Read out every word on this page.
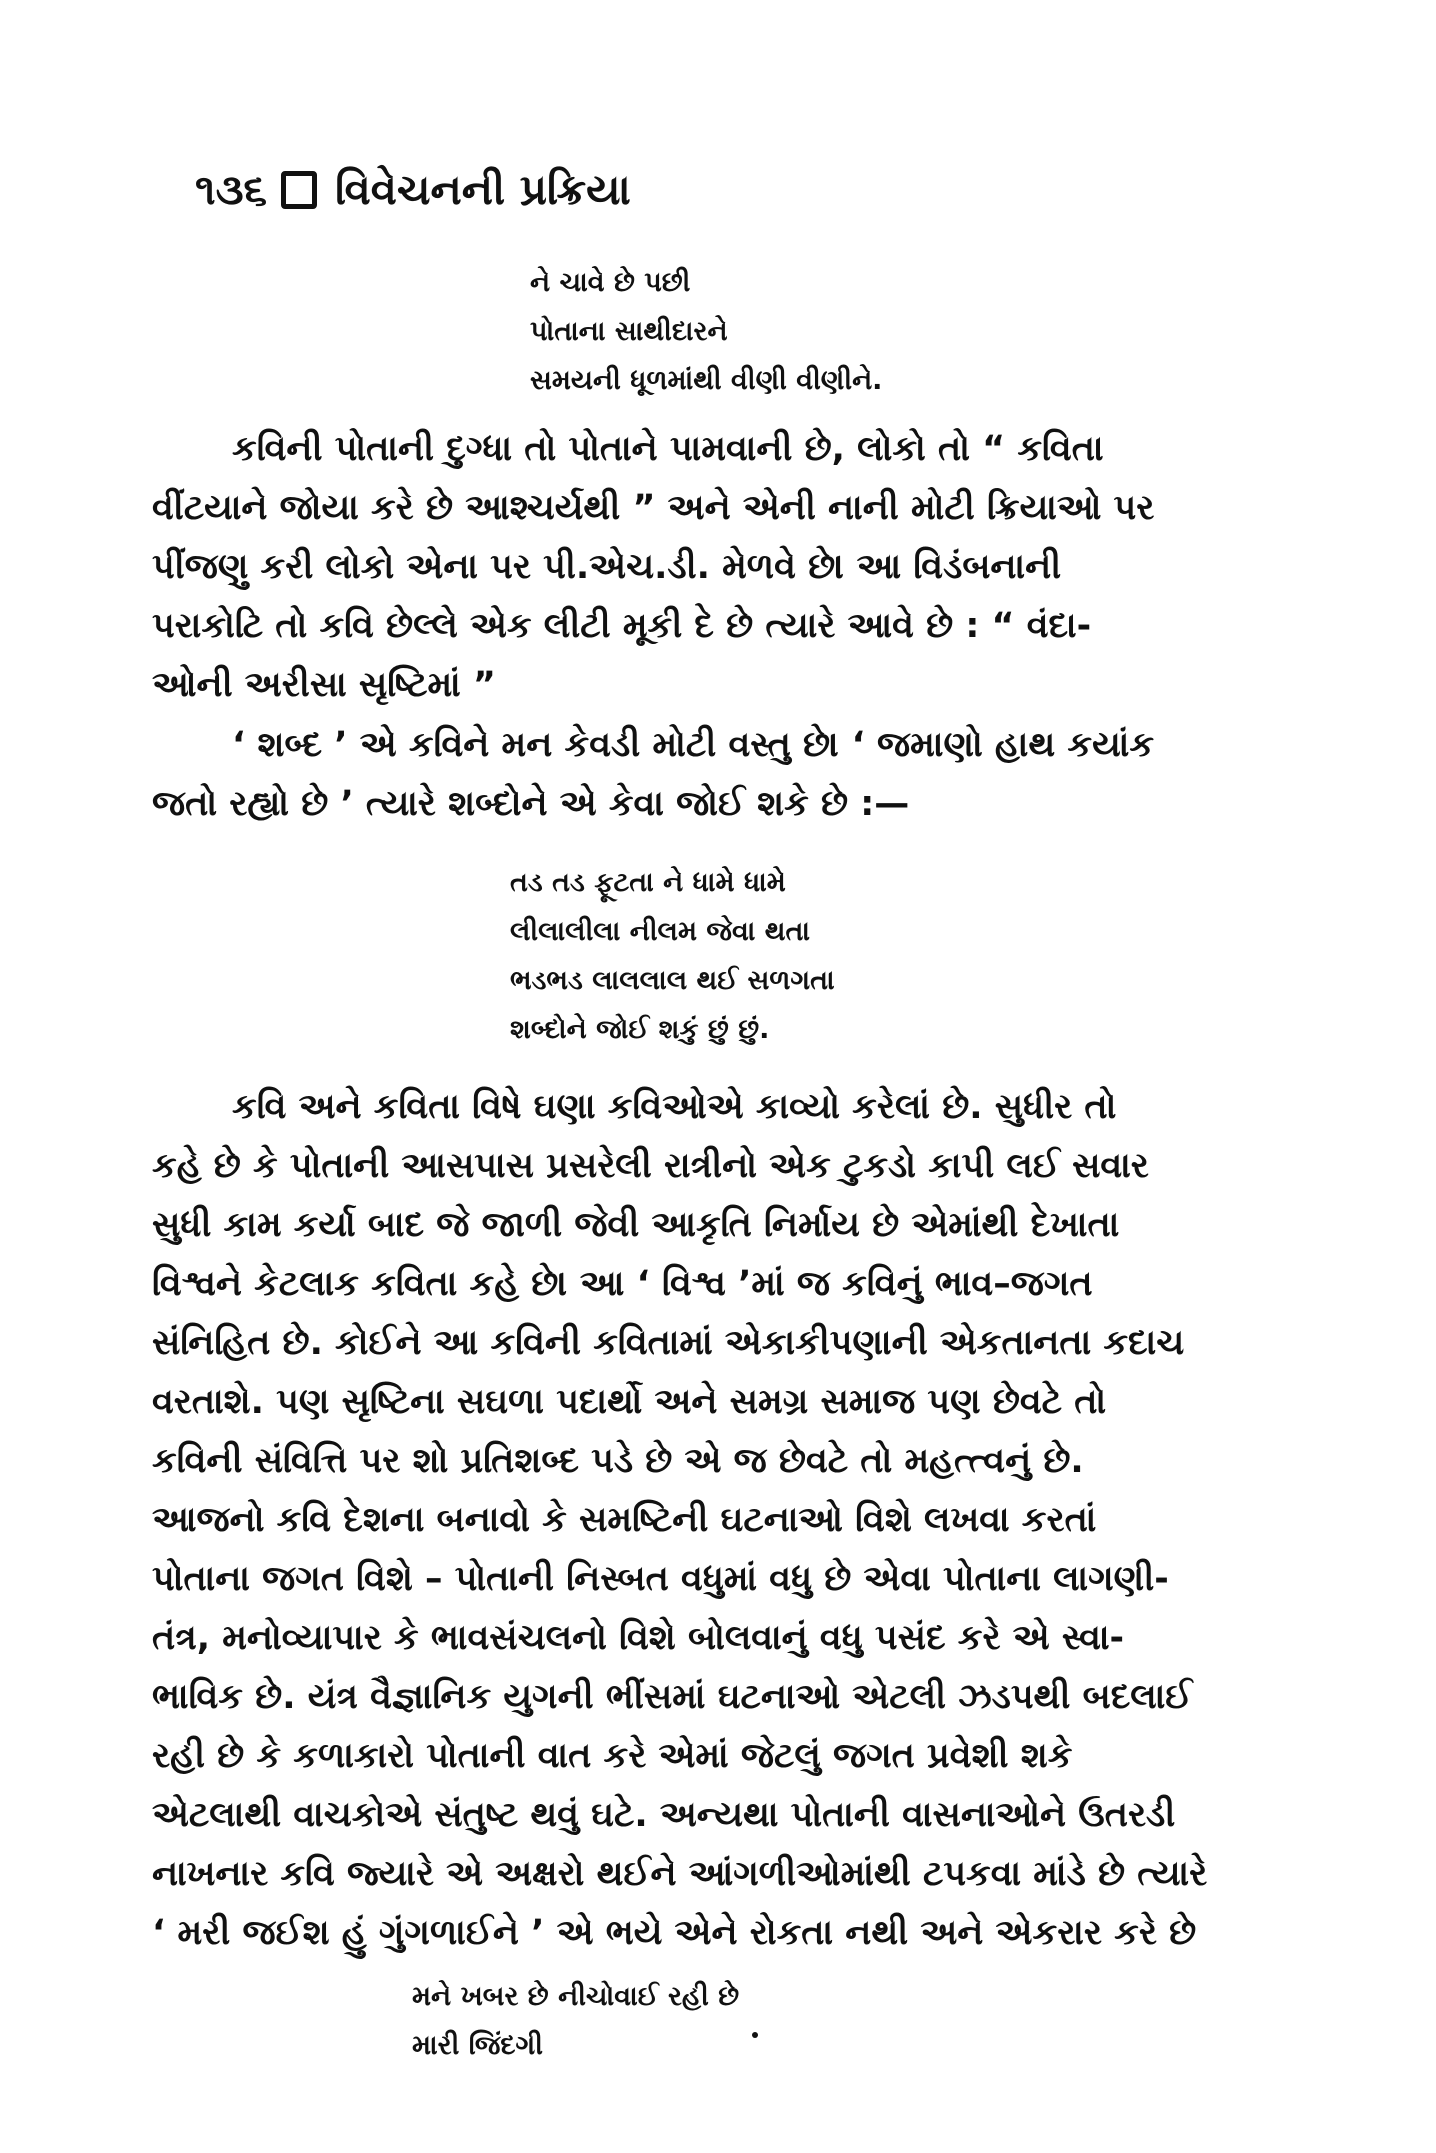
૧૩૬ વિવેચનની પ્રક્રિયા
ને ચાવે છે પછી
પોતાના સાથીદારને
સમયની ધૂળમાંથી વીણી વીણીને.
કવિની પોતાની દુગ્ધા તો પોતાને પામવાની છે, લોકો તો “ કવિતા
વીંટયાને જોયા કરે છે આશ્ચર્યથી ” અને એની નાની મોટી ક્રિયાઓ પર
પીંજણુ કરી લોકો એના પર પી.એચ.ડી. મેળવે છે। આ વિડંબનાની
પરાકોટિ તો કવિ છેલ્લે એક લીટી મૂકી દે છે ત્યારે આવે છે : “ વંદા-
ઓની અરીસા સૃષ્ટિમાં ”
‘ શબ્દ ’ એ કવિને મન કેવડી મોટી વસ્તુ છે। ‘ જમાણો હાથ કયાંક
જતો રહ્યો છે ’ ત્યારે શબ્દોને એ કેવા જોઈ શકે છે :—
તડ તડ ફૂટતા ને ધામે ધામે
લીલાલીલા નીલમ જેવા થતા
ભડભડ લાલલાલ થઈ સળગતા
શબ્દોને જોઈ શકું છું છું.
કવિ અને કવિતા વિષે ઘણા કવિઓએ કાવ્યો કરેલાં છે. સુધીર તો
કહે છે કે પોતાની આસપાસ પ્રસરેલી રાત્રીનો એક ટુકડો કાપી લઈ સવાર
સુધી કામ કર્યા બાદ જે જાળી જેવી આકૃતિ નિર્માય છે એમાંથી દેખાતા
વિશ્વને કેટલાક કવિતા કહે છે। આ ‘ વિશ્વ ’માં જ કવિનું ભાવ–જગત
સંનિહિત છે. કોઈને આ કવિની કવિતામાં એકાકીપણાની એકતાનતા કદાચ
વરતાશે. પણ સૃષ્ટિના સઘળા પદાર્થો અને સમગ્ર સમાજ પણ છેવટે તો
કવિની સંવિત્તિ પર શો પ્રતિશબ્દ પડે છે એ જ છેવટે તો મહત્ત્વનું છે.
આજનો કવિ દેશના બનાવો કે સમષ્ટિની ઘટનાઓ વિશે લખવા કરતાં
પોતાના જગત વિશે – પોતાની નિસ્બત વધુમાં વધુ છે એવા પોતાના લાગણી-
તંત્ર, મનોવ્યાપાર કે ભાવસંચલનો વિશે બોલવાનું વધુ પસંદ કરે એ સ્વા-
ભાવિક છે. યંત્ર વૈજ્ઞાનિક યુગની ભીંસમાં ઘટનાઓ એટલી ઝડપથી બદલાઈ
રહી છે કે કળાકારો પોતાની વાત કરે એમાં જેટલું જગત પ્રવેશી શકે
એટલાથી વાચકોએ સંતુષ્ટ થવું ઘટે. અન્યથા પોતાની વાસનાઓને ઉતરડી
નાખનાર કવિ જ્યારે એ અક્ષરો થઈને આંગળીઓમાંથી ટપકવા માંડે છે ત્યારે
‘ મરી જઈશ હું ગુંગળાઈને ’ એ ભયે એને રોકતા નથી અને એકરાર કરે છે
મને ખબર છે નીચોવાઈ રહી છે
મારી જિંદગી
